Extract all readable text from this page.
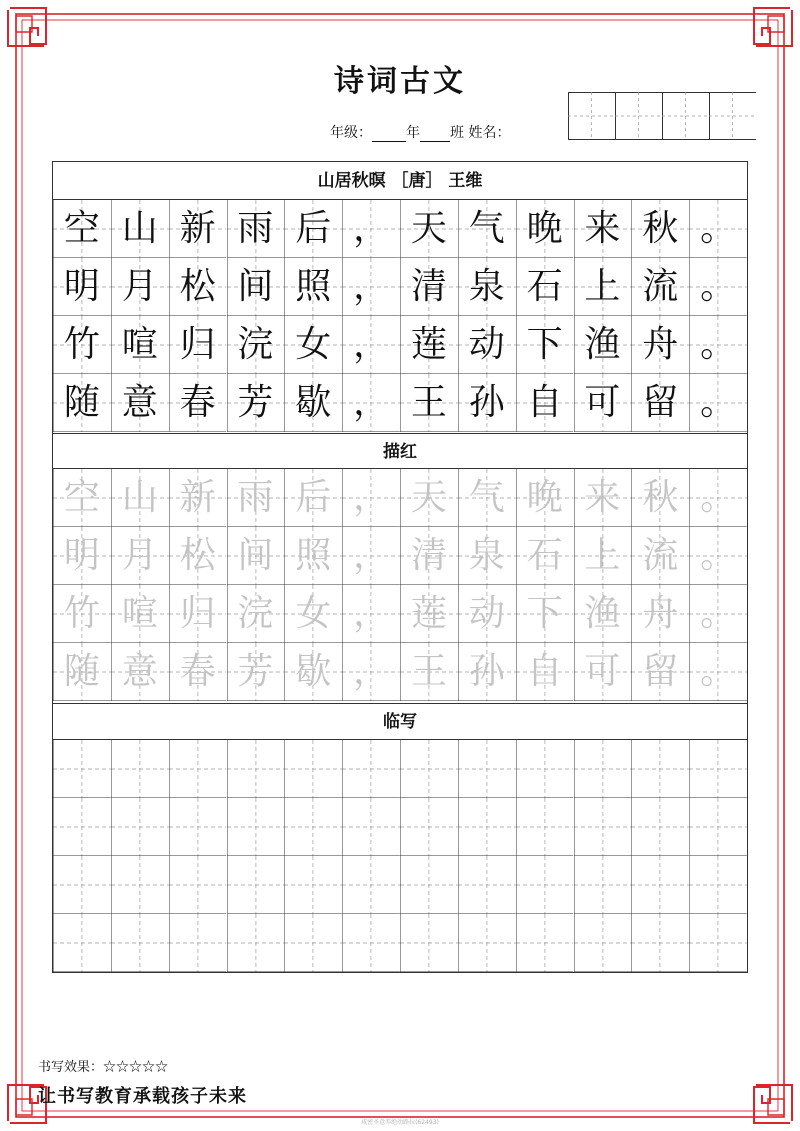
诗词古文
年级： 年 班 姓名：
山居秋暝 ［唐］ 王维
空 山 新 雨 后 ， 天 气 晚 来 秋 。
明 月 松 间 照 ， 清 泉 石 上 流 。
竹 喧 归 浣 女 ， 莲 动 下 渔 舟 。
随 意 春 芳 歇 ， 王 孙 自 可 留 。
描红
空 山 新 雨 后 ， 天 气 晚 来 秋 。
明 月 松 间 照 ， 清 泉 石 上 流 。
竹 喧 归 浣 女 ， 莲 动 下 渔 舟 。
随 意 春 芳 歇 ， 王 孙 自 可 留 。
临写
书写效果：☆☆☆☆☆
让书写教育承载孩子未来
咸密圣意养绝幼路拉(62493)
